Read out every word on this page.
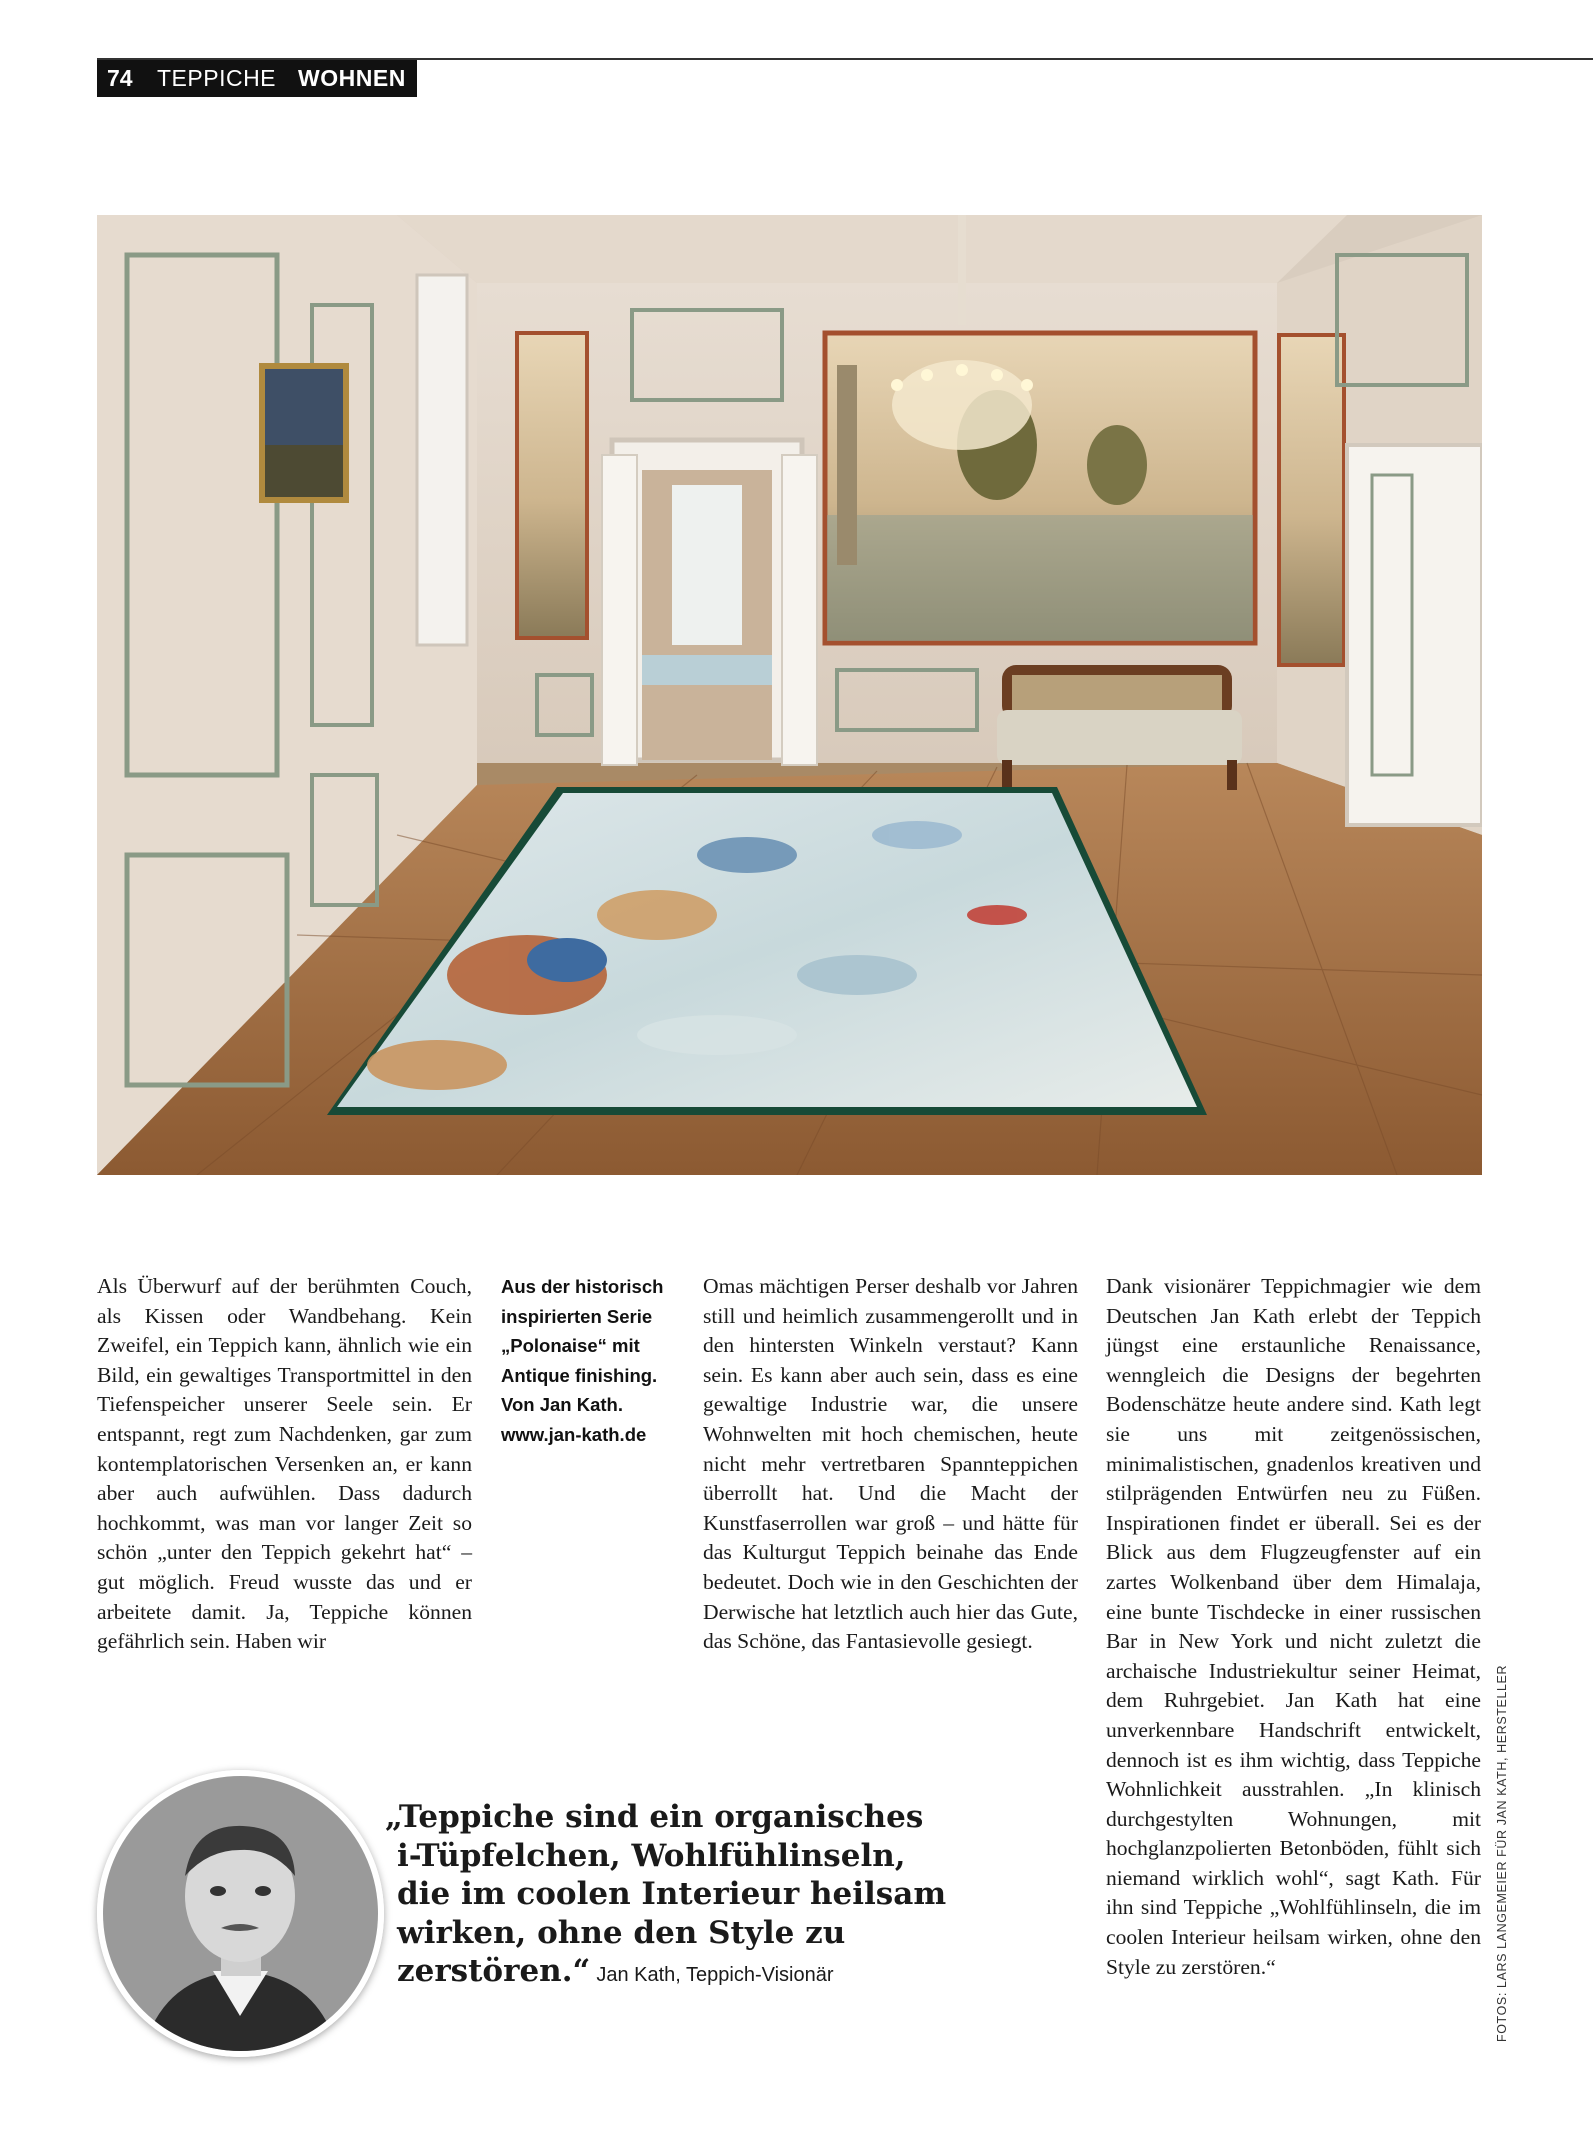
74	TEPPICHE WOHNEN

Als Überwurf auf der berühmten Couch, als Kissen oder Wandbehang. Kein Zweifel, ein Teppich kann, ähnlich wie ein Bild, ein gewaltiges Transportmittel in den Tiefenspeicher unserer Seele sein. Er entspannt, regt zum Nachdenken, gar zum kontemplatorischen Versenken an, er kann aber auch aufwühlen. Dass dadurch hochkommt, was man vor langer Zeit so schön „unter den Teppich gekehrt hat“ – gut möglich. Freud wusste das und er arbeitete damit. Ja, Teppiche können gefährlich sein. Haben wir

Aus der historisch
inspirierten Serie
„Polonaise“ mit
Antique finishing.
Von Jan Kath.
www.jan-kath.de

Omas mächtigen Perser deshalb vor Jahren still und heimlich zusammengerollt und in den hintersten Winkeln verstaut? Kann sein. Es kann aber auch sein, dass es eine gewaltige Industrie war, die unsere Wohnwelten mit hoch chemischen, heute nicht mehr vertretbaren Spannteppichen überrollt hat. Und die Macht der Kunstfaserrollen war groß – und hätte für das Kulturgut Teppich beinahe das Ende bedeutet. Doch wie in den Geschichten der Derwische hat letztlich auch hier das Gute, das Schöne, das Fantasievolle gesiegt.

Dank visionärer Teppichmagier wie dem Deutschen Jan Kath erlebt der Teppich jüngst eine erstaunliche Renaissance, wenngleich die Designs der begehrten Bodenschätze heute andere sind. Kath legt sie uns mit zeitgenössischen, minimalistischen, gnadenlos kreativen und stilprägenden Entwürfen neu zu Füßen. Inspirationen findet er überall. Sei es der Blick aus dem Flugzeugfenster auf ein zartes Wolkenband über dem Himalaja, eine bunte Tischdecke in einer russischen Bar in New York und nicht zuletzt die archaische Industriekultur seiner Heimat, dem Ruhrgebiet. Jan Kath hat eine unverkennbare Handschrift entwickelt, dennoch ist es ihm wichtig, dass Teppiche Wohnlichkeit ausstrahlen. „In klinisch durchgestylten Wohnungen, mit hochglanzpolierten Betonböden, fühlt sich niemand wirklich wohl“, sagt Kath. Für ihn sind Teppiche „Wohlfühlinseln, die im coolen Interieur heilsam wirken, ohne den Style zu zerstören.“

„Teppiche sind ein organisches
i-Tüpfelchen, Wohlfühlinseln,
die im coolen Interieur heilsam
wirken, ohne den Style zu
zerstören.“ Jan Kath, Teppich-Visionär	FOTOS: LARS LANGEMEIER FÜR JAN KATH, HERSTELLER
